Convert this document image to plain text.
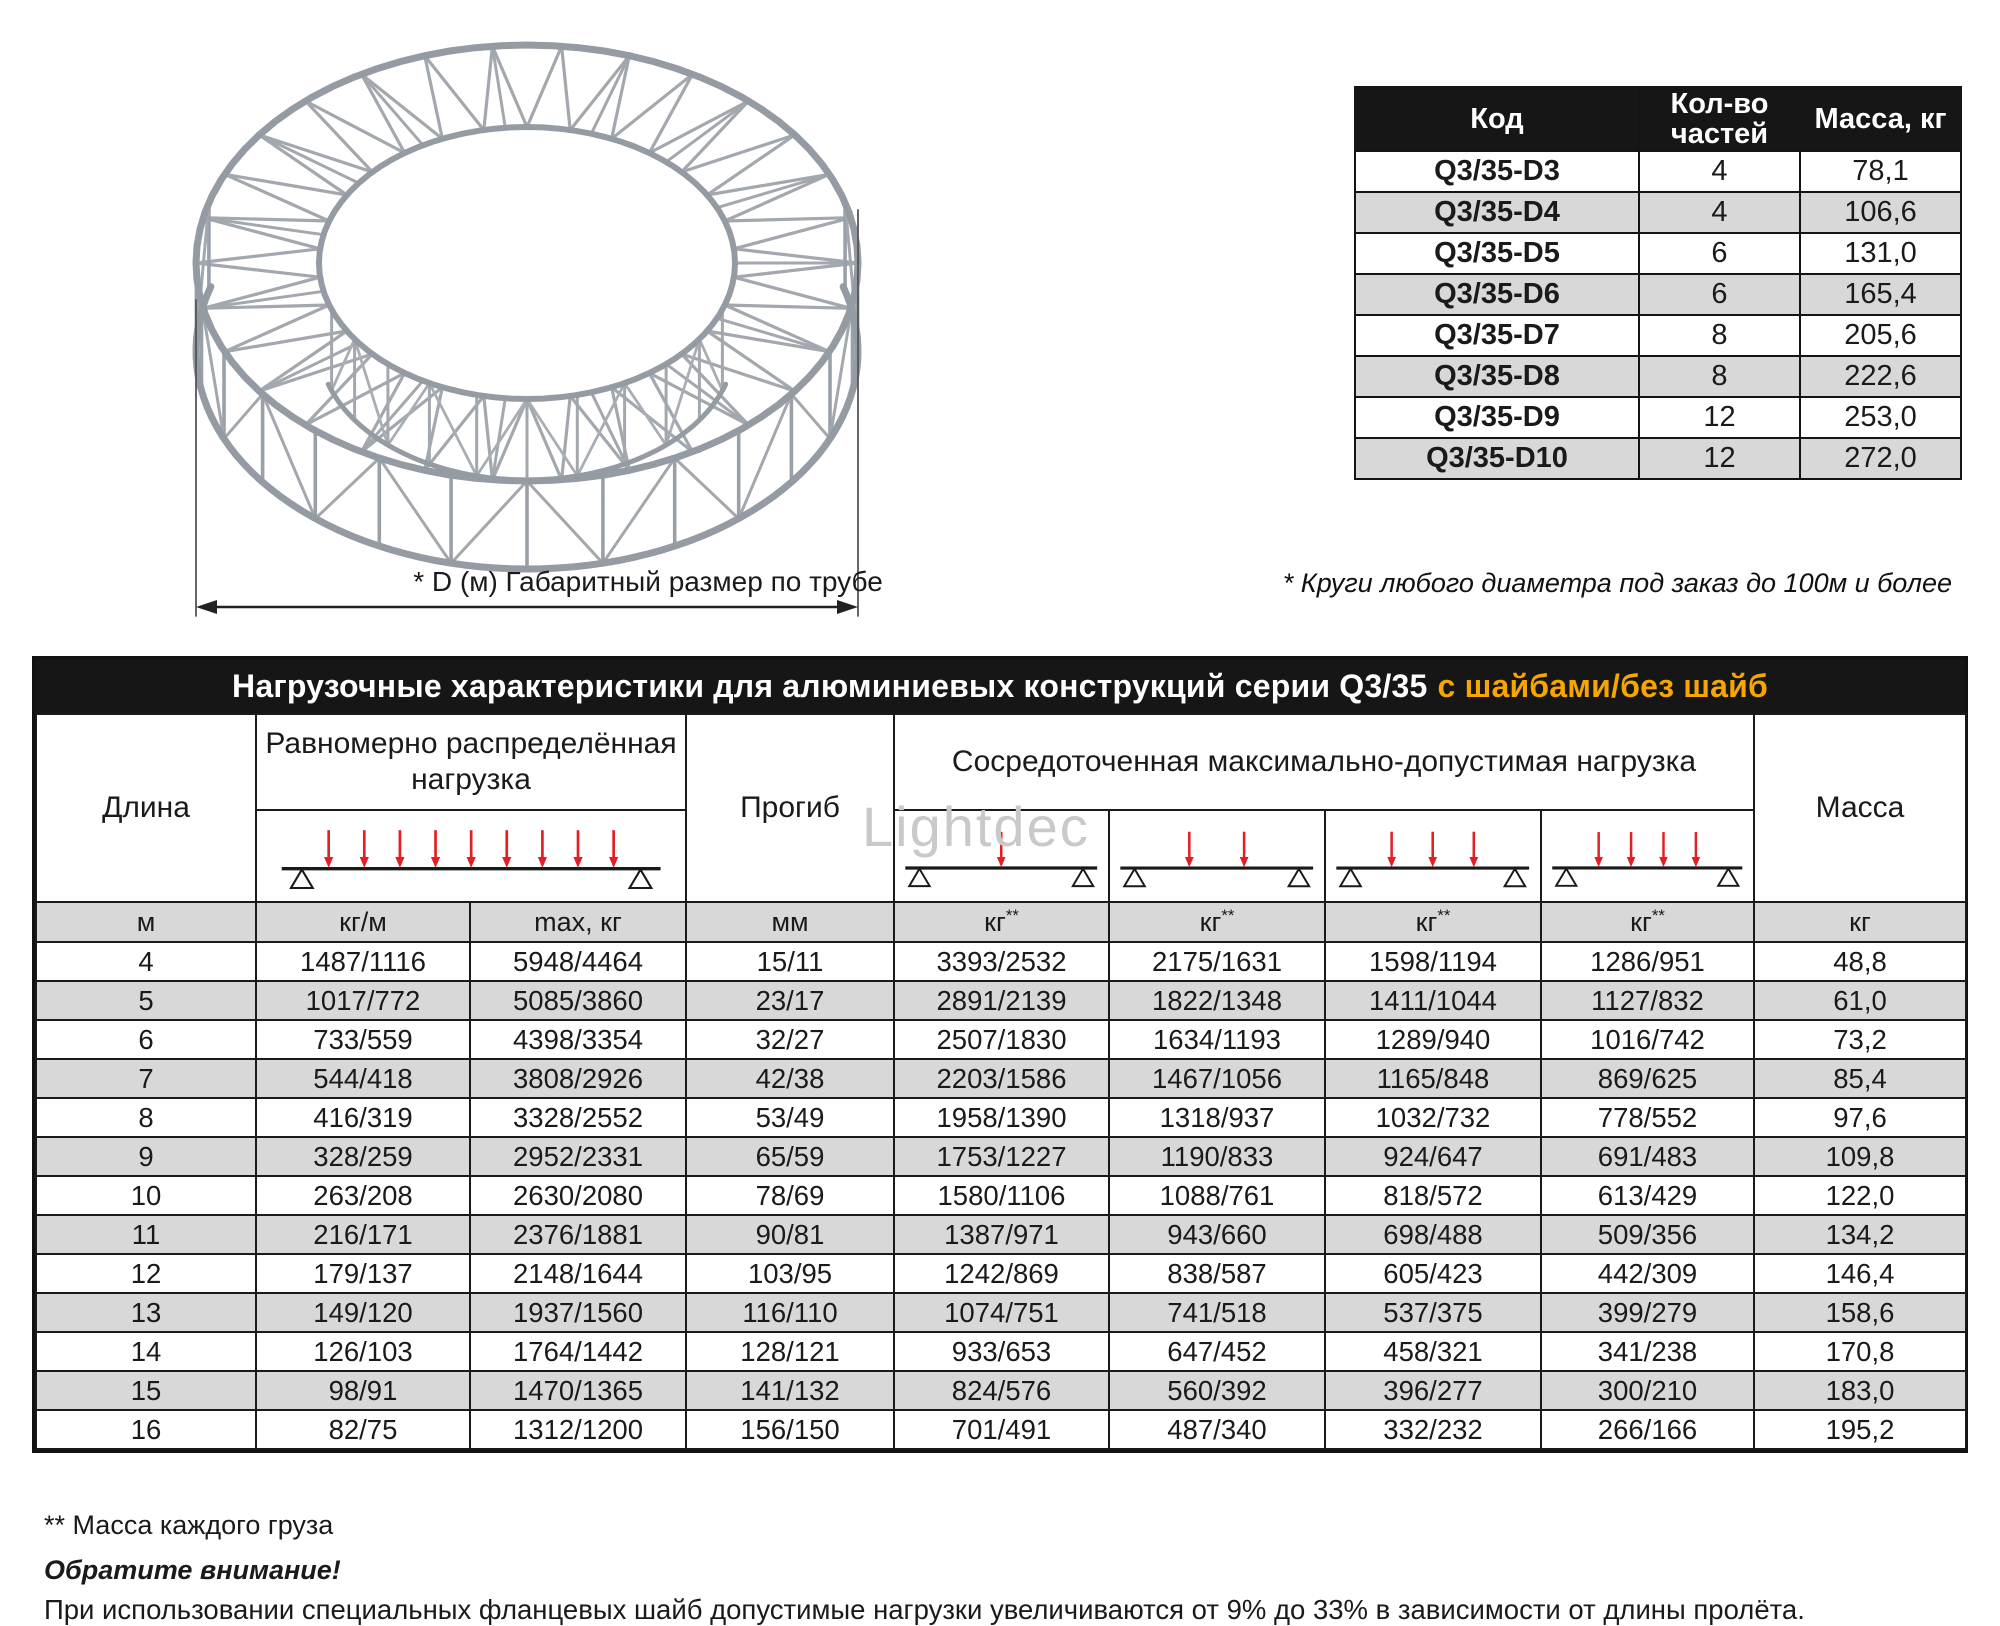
* D (м) Габаритный размер по трубе
Код	Кол-во частей	Масса, кг
Q3/35-D3	4	78,1
Q3/35-D4	4	106,6
Q3/35-D5	6	131,0
Q3/35-D6	6	165,4
Q3/35-D7	8	205,6
Q3/35-D8	8	222,6
Q3/35-D9	12	253,0
Q3/35-D10	12	272,0
* Круги любого диаметра под заказ до 100м и более
Нагрузочные характеристики для алюминиевых конструкций серии Q3/35 с шайбами/без шайб
Длина	Равномерно распределённая нагрузка		Прогиб	Сосредоточенная максимально-допустимая нагрузка				Масса

м	кг/м	max, кг	мм	кг**	кг**	кг**	кг**	кг
4	1487/1116	5948/4464	15/11	3393/2532	2175/1631	1598/1194	1286/951	48,8
5	1017/772	5085/3860	23/17	2891/2139	1822/1348	1411/1044	1127/832	61,0
6	733/559	4398/3354	32/27	2507/1830	1634/1193	1289/940	1016/742	73,2
7	544/418	3808/2926	42/38	2203/1586	1467/1056	1165/848	869/625	85,4
8	416/319	3328/2552	53/49	1958/1390	1318/937	1032/732	778/552	97,6
9	328/259	2952/2331	65/59	1753/1227	1190/833	924/647	691/483	109,8
10	263/208	2630/2080	78/69	1580/1106	1088/761	818/572	613/429	122,0
11	216/171	2376/1881	90/81	1387/971	943/660	698/488	509/356	134,2
12	179/137	2148/1644	103/95	1242/869	838/587	605/423	442/309	146,4
13	149/120	1937/1560	116/110	1074/751	741/518	537/375	399/279	158,6
14	126/103	1764/1442	128/121	933/653	647/452	458/321	341/238	170,8
15	98/91	1470/1365	141/132	824/576	560/392	396/277	300/210	183,0
16	82/75	1312/1200	156/150	701/491	487/340	332/232	266/166	195,2
Lightdec
** Масса каждого груза
Обратите внимание!
При использовании специальных фланцевых шайб допустимые нагрузки увеличиваются от 9% до 33% в зависимости от длины пролёта.
